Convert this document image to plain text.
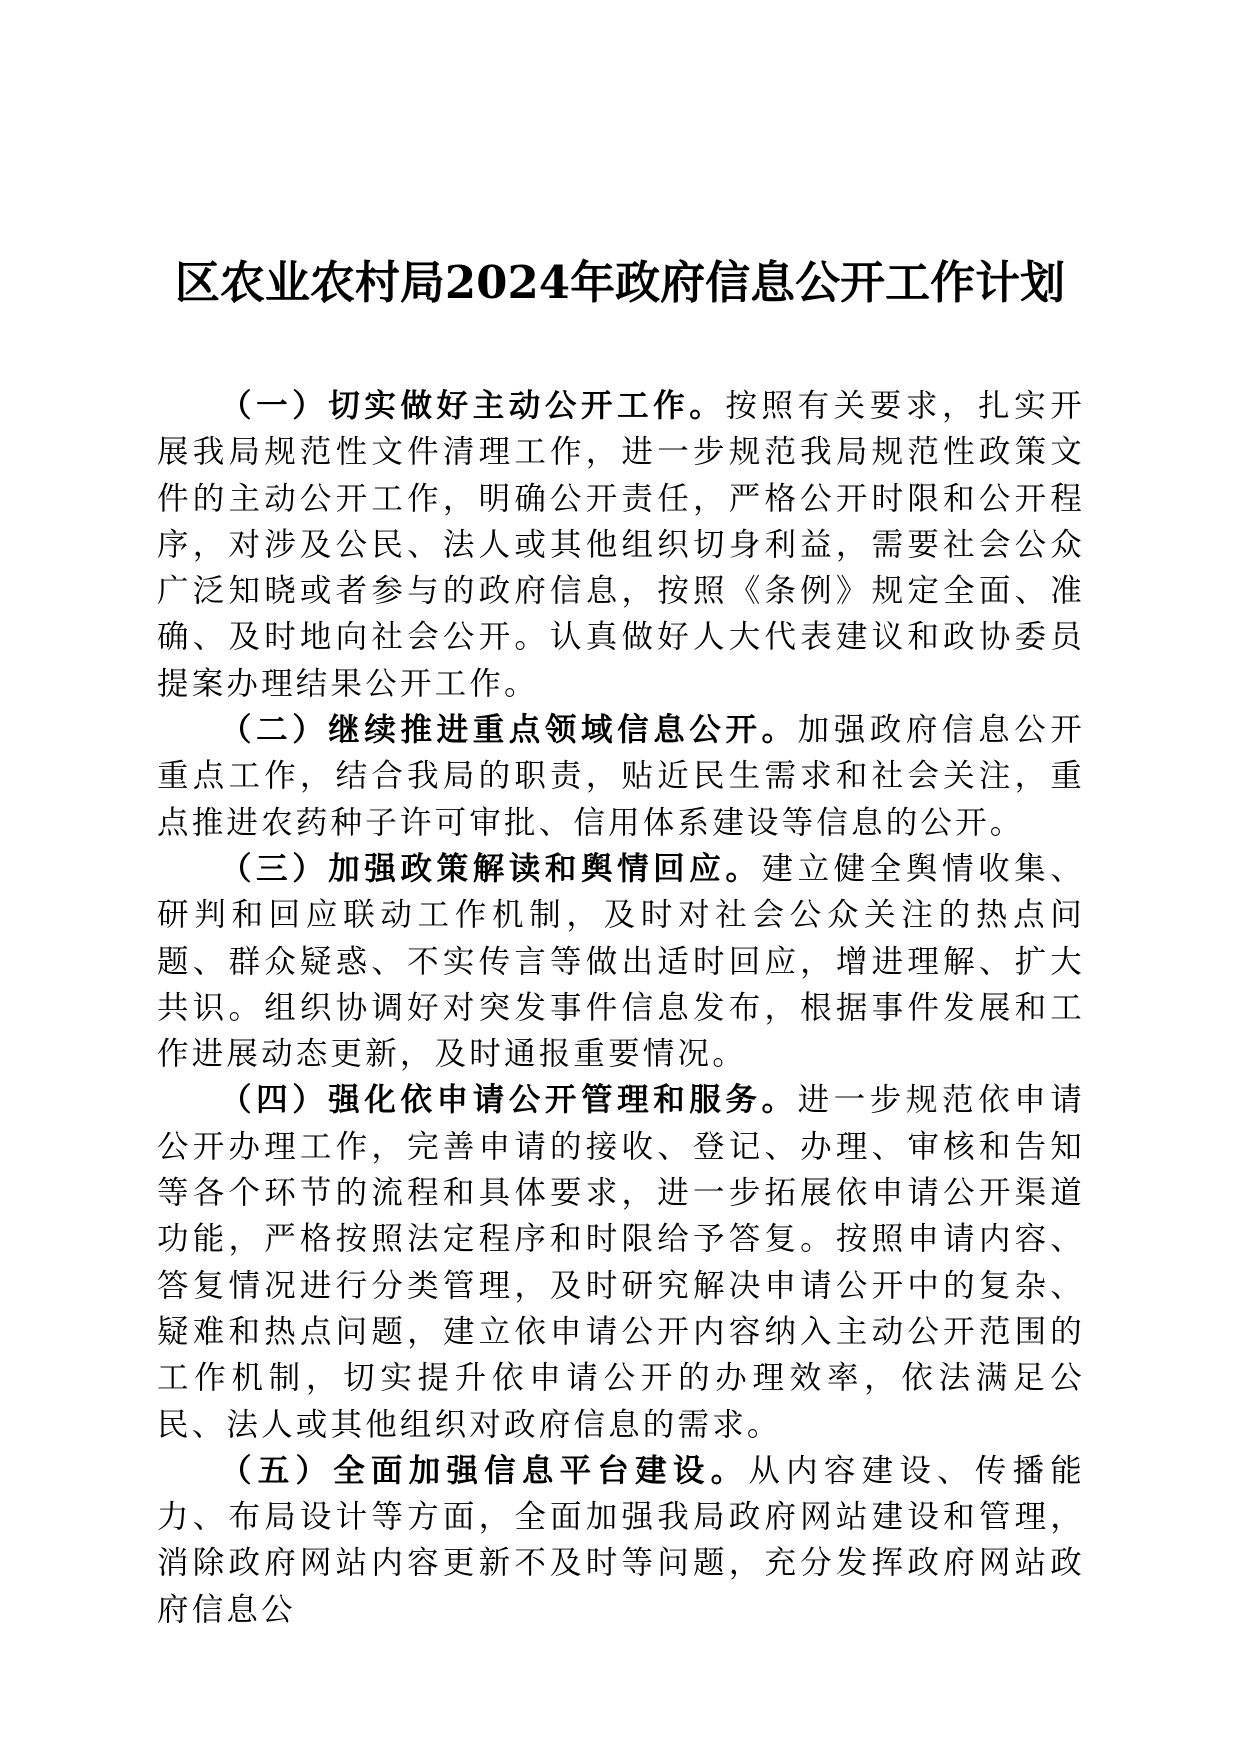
区农业农村局2024年政府信息公开工作计划

（一）切实做好主动公开工作。按照有关要求，扎实开展我局规范性文件清理工作，进一步规范我局规范性政策文件的主动公开工作，明确公开责任，严格公开时限和公开程序，对涉及公民、法人或其他组织切身利益，需要社会公众广泛知晓或者参与的政府信息，按照《条例》规定全面、准确、及时地向社会公开。认真做好人大代表建议和政协委员提案办理结果公开工作。

（二）继续推进重点领域信息公开。加强政府信息公开重点工作，结合我局的职责，贴近民生需求和社会关注，重点推进农药种子许可审批、信用体系建设等信息的公开。

（三）加强政策解读和舆情回应。建立健全舆情收集、研判和回应联动工作机制，及时对社会公众关注的热点问题、群众疑惑、不实传言等做出适时回应，增进理解、扩大共识。组织协调好对突发事件信息发布，根据事件发展和工作进展动态更新，及时通报重要情况。

（四）强化依申请公开管理和服务。进一步规范依申请公开办理工作，完善申请的接收、登记、办理、审核和告知等各个环节的流程和具体要求，进一步拓展依申请公开渠道功能，严格按照法定程序和时限给予答复。按照申请内容、答复情况进行分类管理，及时研究解决申请公开中的复杂、疑难和热点问题，建立依申请公开内容纳入主动公开范围的工作机制，切实提升依申请公开的办理效率，依法满足公民、法人或其他组织对政府信息的需求。

（五）全面加强信息平台建设。从内容建设、传播能力、布局设计等方面，全面加强我局政府网站建设和管理，消除政府网站内容更新不及时等问题，充分发挥政府网站政府信息公
